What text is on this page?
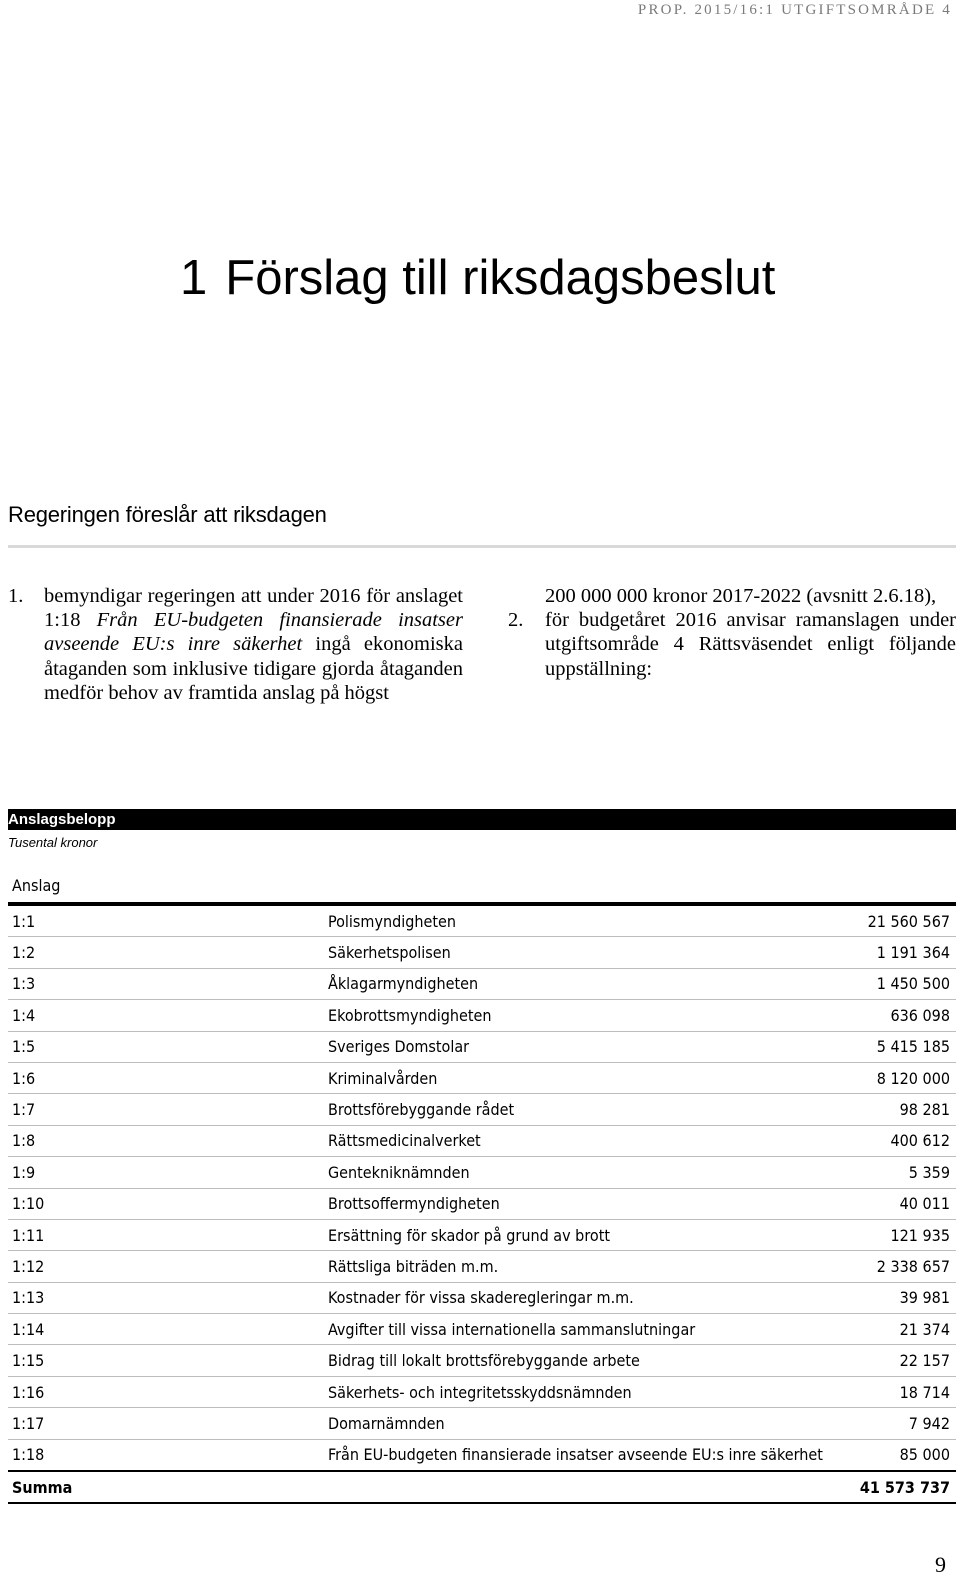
PROP. 2015/16:1 UTGIFTSOMRÅDE 4
1 Förslag till riksdagsbeslut
Regeringen föreslår att riksdagen
1. bemyndigar regeringen att under 2016 för anslaget 1:18 Från EU-budgeten finansierade insatser avseende EU:s inre säkerhet ingå ekonomiska åtaganden som inklusive tidigare gjorda åtaganden medför behov av framtida anslag på högst
200 000 000 kronor 2017-2022 (avsnitt 2.6.18),
2. för budgetåret 2016 anvisar ramanslagen under utgiftsområde 4 Rättsväsendet enligt följande uppställning:
Anslagsbelopp
Tusental kronor
Anslag		
1:1	Polismyndigheten	21 560 567
1:2	Säkerhetspolisen	1 191 364
1:3	Åklagarmyndigheten	1 450 500
1:4	Ekobrottsmyndigheten	636 098
1:5	Sveriges Domstolar	5 415 185
1:6	Kriminalvården	8 120 000
1:7	Brottsförebyggande rådet	98 281
1:8	Rättsmedicinalverket	400 612
1:9	Gentekniknämnden	5 359
1:10	Brottsoffermyndigheten	40 011
1:11	Ersättning för skador på grund av brott	121 935
1:12	Rättsliga biträden m.m.	2 338 657
1:13	Kostnader för vissa skaderegleringar m.m.	39 981
1:14	Avgifter till vissa internationella sammanslutningar	21 374
1:15	Bidrag till lokalt brottsförebyggande arbete	22 157
1:16	Säkerhets- och integritetsskyddsnämnden	18 714
1:17	Domarnämnden	7 942
1:18	Från EU-budgeten finansierade insatser avseende EU:s inre säkerhet	85 000
Summa		41 573 737
9
